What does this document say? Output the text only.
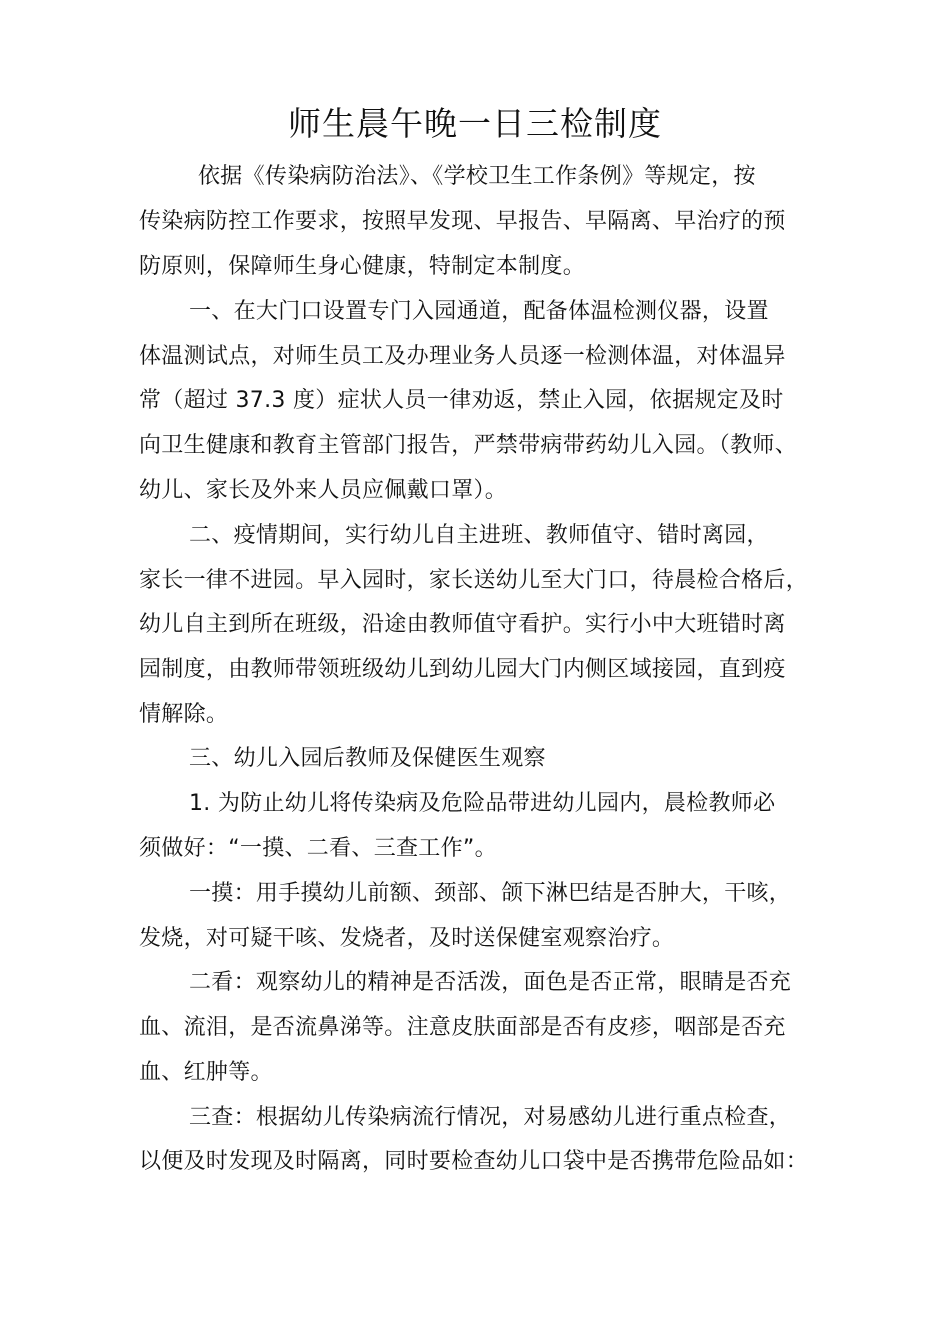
师生晨午晚一日三检制度
依据《传染病防治法》、《学校卫生工作条例》等规定，按
传染病防控工作要求，按照早发现、早报告、早隔离、早治疗的预
防原则，保障师生身心健康，特制定本制度。
一、在大门口设置专门入园通道，配备体温检测仪器，设置
体温测试点，对师生员工及办理业务人员逐一检测体温，对体温异
常（超过 37.3 度）症状人员一律劝返，禁止入园，依据规定及时
向卫生健康和教育主管部门报告，严禁带病带药幼儿入园。（教师、
幼儿、家长及外来人员应佩戴口罩）。
二、疫情期间，实行幼儿自主进班、教师值守、错时离园，
家长一律不进园。早入园时，家长送幼儿至大门口，待晨检合格后，
幼儿自主到所在班级，沿途由教师值守看护。实行小中大班错时离
园制度，由教师带领班级幼儿到幼儿园大门内侧区域接园，直到疫
情解除。
三、幼儿入园后教师及保健医生观察
1. 为防止幼儿将传染病及危险品带进幼儿园内，晨检教师必
须做好：“一摸、二看、三查工作”。
一摸：用手摸幼儿前额、颈部、颌下淋巴结是否肿大，干咳，
发烧，对可疑干咳、发烧者，及时送保健室观察治疗。
二看：观察幼儿的精神是否活泼，面色是否正常，眼睛是否充
血、流泪，是否流鼻涕等。注意皮肤面部是否有皮疹，咽部是否充
血、红肿等。
三查：根据幼儿传染病流行情况，对易感幼儿进行重点检查，
以便及时发现及时隔离，同时要检查幼儿口袋中是否携带危险品如：
